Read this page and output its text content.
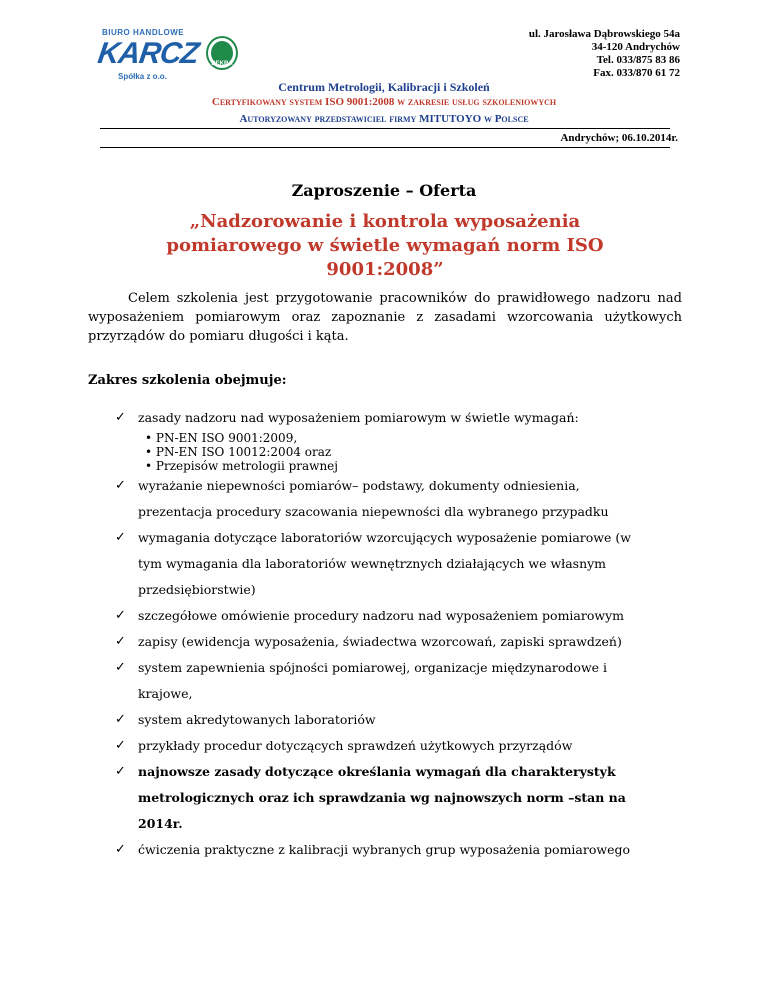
BIURO HANDLOWE
KARCZ
Spółka z o.o.
DEKRA
ul. Jarosława Dąbrowskiego 54a
34-120 Andrychów
Tel. 033/875 83 86
Fax. 033/870 61 72
Centrum Metrologii, Kalibracji i Szkoleń
Certyfikowany system ISO 9001:2008 w zakresie usług szkoleniowych
Autoryzowany przedstawiciel firmy MITUTOYO w Polsce
Andrychów; 06.10.2014r.
Zaproszenie – Oferta
„Nadzorowanie i kontrola wyposażenia pomiarowego w świetle wymagań norm ISO 9001:2008”
Celem szkolenia jest przygotowanie pracowników do prawidłowego nadzoru nad wyposażeniem pomiarowym oraz zapoznanie z zasadami wzorcowania użytkowych przyrządów do pomiaru długości i kąta.
Zakres szkolenia obejmuje:
✓ zasady nadzoru nad wyposażeniem pomiarowym w świetle wymagań:
• PN-EN ISO 9001:2009,
• PN-EN ISO 10012:2004 oraz
• Przepisów metrologii prawnej
✓ wyrażanie niepewności pomiarów– podstawy, dokumenty odniesienia,
prezentacja procedury szacowania niepewności dla wybranego przypadku
✓ wymagania dotyczące laboratoriów wzorcujących wyposażenie pomiarowe (w
tym wymagania dla laboratoriów wewnętrznych działających we własnym
przedsiębiorstwie)
✓ szczegółowe omówienie procedury nadzoru nad wyposażeniem pomiarowym
✓ zapisy (ewidencja wyposażenia, świadectwa wzorcowań, zapiski sprawdzeń)
✓ system zapewnienia spójności pomiarowej, organizacje międzynarodowe i
krajowe,
✓ system akredytowanych laboratoriów
✓ przykłady procedur dotyczących sprawdzeń użytkowych przyrządów
✓ najnowsze zasady dotyczące określania wymagań dla charakterystyk
metrologicznych oraz ich sprawdzania wg najnowszych norm –stan na
2014r.
✓ ćwiczenia praktyczne z kalibracji wybranych grup wyposażenia pomiarowego
